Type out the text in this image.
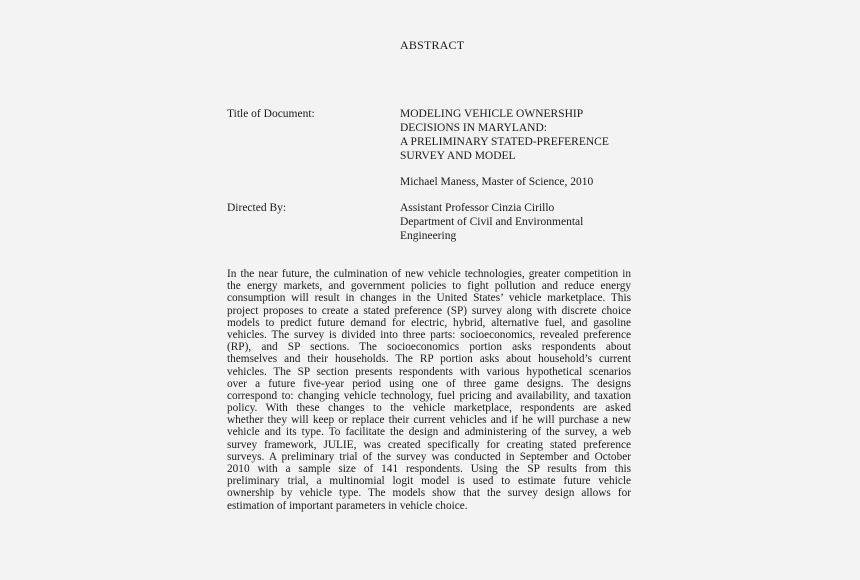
ABSTRACT
Title of Document:	MODELING VEHICLE OWNERSHIP
DECISIONS IN MARYLAND:
A PRELIMINARY STATED-PREFERENCE
SURVEY AND MODEL
Michael Maness, Master of Science, 2010
Directed By:	Assistant Professor Cinzia Cirillo
Department of Civil and Environmental
Engineering
In the near future, the culmination of new vehicle technologies, greater competition in
the energy markets, and government policies to fight pollution and reduce energy
consumption will result in changes in the United States’ vehicle marketplace. This
project proposes to create a stated preference (SP) survey along with discrete choice
models to predict future demand for electric, hybrid, alternative fuel, and gasoline
vehicles. The survey is divided into three parts: socioeconomics, revealed preference
(RP), and SP sections. The socioeconomics portion asks respondents about
themselves and their households. The RP portion asks about household’s current
vehicles. The SP section presents respondents with various hypothetical scenarios
over a future five-year period using one of three game designs. The designs
correspond to: changing vehicle technology, fuel pricing and availability, and taxation
policy. With these changes to the vehicle marketplace, respondents are asked
whether they will keep or replace their current vehicles and if he will purchase a new
vehicle and its type. To facilitate the design and administering of the survey, a web
survey framework, JULIE, was created specifically for creating stated preference
surveys. A preliminary trial of the survey was conducted in September and October
2010 with a sample size of 141 respondents. Using the SP results from this
preliminary trial, a multinomial logit model is used to estimate future vehicle
ownership by vehicle type. The models show that the survey design allows for
estimation of important parameters in vehicle choice.
